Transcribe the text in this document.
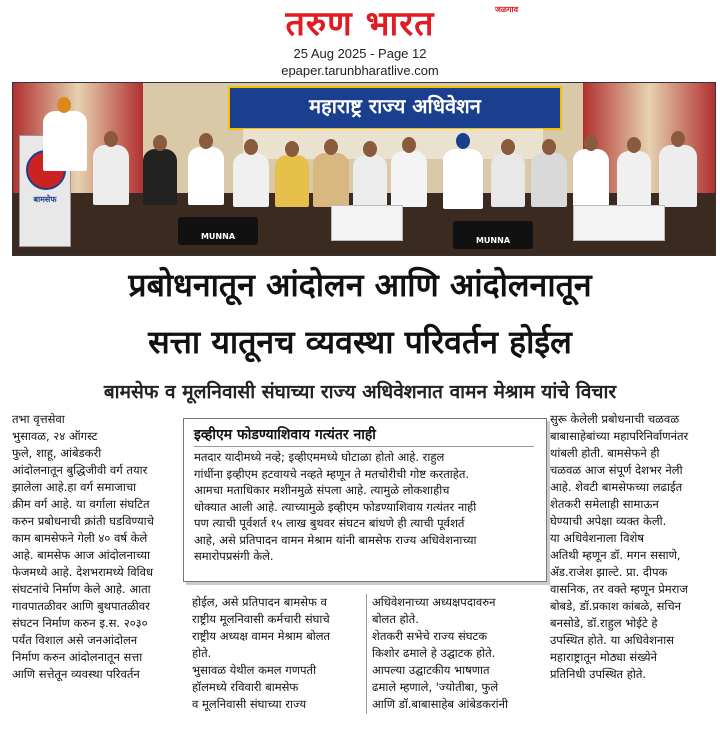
तरुण भारत	जळगाव
25 Aug 2025 - Page 12
epaper.tarunbharatlive.com
महाराष्ट्र राज्य अधिवेशन
बामसेफ
MUNNA	MUNNA
प्रबोधनातून आंदोलन आणि आंदोलनातून
सत्ता यातूनच व्यवस्था परिवर्तन होईल
बामसेफ व मूलनिवासी संघाच्या राज्य अधिवेशनात वामन मेश्राम यांचे विचार
तभा वृत्तसेवा
भुसावळ, २४ ऑगस्ट
फुले, शाहू, आंबेडकरी
आंदोलनातून बुद्धिजीवी वर्ग तयार
झालेला आहे.हा वर्ग समाजाचा
क्रीम वर्ग आहे. या वर्गाला संघटित
करुन प्रबोधनाची क्रांती घडविण्याचे
काम बामसेफने गेली ४० वर्ष केले
आहे. बामसेफ आज आंदोलनाच्या
फेजमध्ये आहे. देशभरामध्ये विविध
संघटनांचे निर्माण केले आहे. आता
गावपातळीवर आणि बुथपातळीवर
संघटन निर्माण करुन इ.स. २०३०
पर्यंत विशाल असे जनआंदोलन
निर्माण करुन आंदोलनातून सत्ता
आणि सत्तेतून व्यवस्था परिवर्तन
इव्हीएम फोडण्याशिवाय गत्यंतर नाही
मतदार यादीमध्ये नव्हे; इव्हीएममध्ये घोटाळा होतो आहे. राहुल
गांधींना इव्हीएम हटवायचे नव्हते म्हणून ते मतचोरीची गोष्ट करताहेत.
आमचा मताधिकार मशीनमुळे संपला आहे. त्यामुळे लोकशाहीच
धोक्यात आली आहे. त्याच्यामुळे इव्हीएम फोडण्याशिवाय गत्यंतर नाही
पण त्याची पूर्वशर्त १५ लाख बुथवर संघटन बांधणे ही त्याची पूर्वशर्त
आहे, असे प्रतिपादन वामन मेश्राम यांनी बामसेफ राज्य अधिवेशनाच्या
समारोपप्रसंगी केले.
होईल, असे प्रतिपादन बामसेफ व
राष्ट्रीय मूलनिवासी कर्मचारी संघाचे
राष्ट्रीय अध्यक्ष वामन मेश्राम बोलत
होते.
भुसावळ येथील कमल गणपती
हॉलमध्ये रविवारी बामसेफ
व मूलनिवासी संघाच्या राज्य
अधिवेशनाच्या अध्यक्षपदावरुन
बोलत होते.
शेतकरी सभेचे राज्य संघटक
किशोर ढमाले हे उद्घाटक होते.
आपल्या उद्घाटकीय भाषणात
ढमाले म्हणाले, 'ज्योतीबा, फुले
आणि डॉ.बाबासाहेब आंबेडकरांनी
सुरू केलेली प्रबोधनाची चळवळ
बाबासाहेबांच्या महापरिनिर्वाणनंतर
थांबली होती. बामसेफने ही
चळवळ आज संपूर्ण देशभर नेली
आहे. शेवटी बामसेफच्या लढाईत
शेतकरी समेलाही सामाऊन
घेण्याची अपेक्षा व्यक्त केली.
या अधिवेशनाला विशेष
अतिथी म्हणून डॉ. मगन ससाणे,
ॲड.राजेश झाल्टे. प्रा. दीपक
वासनिक, तर वक्ते म्हणून प्रेमराज
बोबडे, डॉ.प्रकाश कांबळे, सचिन
बनसोडे, डॉ.राहुल भोईटे हे
उपस्थित होते. या अधिवेशनास
महाराष्ट्रातून मोठ्या संख्येने
प्रतिनिधी उपस्थित होते.
